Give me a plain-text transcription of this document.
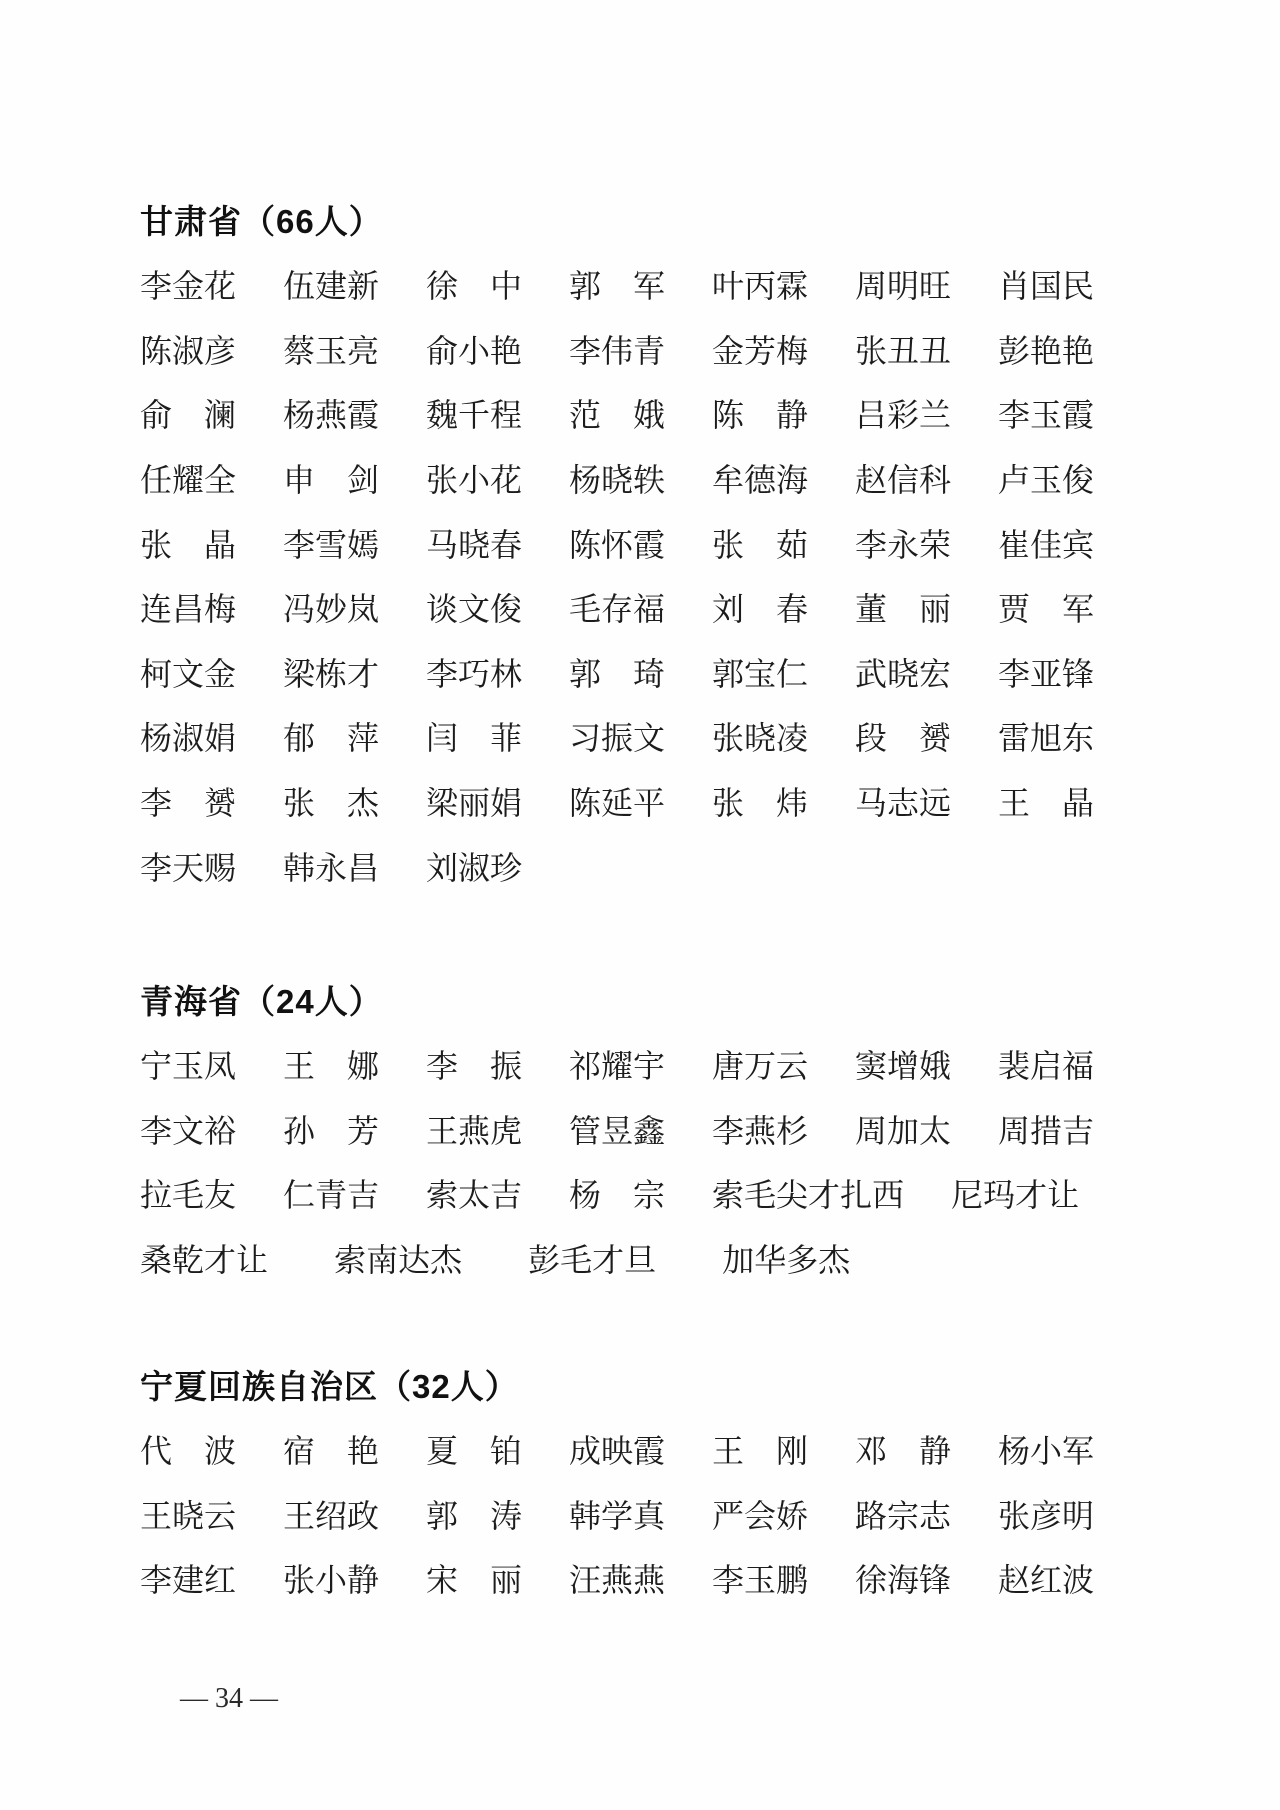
甘肃省（66人）
李 金 花 伍 建 新 徐 中 郭 军 叶 丙 霖 周 明 旺 肖 国 民
陈 淑 彦 蔡 玉 亮 俞 小 艳 李 伟 青 金 芳 梅 张 丑 丑 彭 艳 艳
俞 澜 杨 燕 霞 魏 千 程 范 娥 陈 静 吕 彩 兰 李 玉 霞
任 耀 全 申 剑 张 小 花 杨 晓 轶 牟 德 海 赵 信 科 卢 玉 俊
张 晶 李 雪 嫣 马 晓 春 陈 怀 霞 张 茹 李 永 荣 崔 佳 宾
连 昌 梅 冯 妙 岚 谈 文 俊 毛 存 福 刘 春 董 丽 贾 军
柯 文 金 梁 栋 才 李 巧 林 郭 琦 郭 宝 仁 武 晓 宏 李 亚 锋
杨 淑 娟 郁 萍 闫 菲 习 振 文 张 晓 凌 段 赟 雷 旭 东
李 赟 张 杰 梁 丽 娟 陈 延 平 张 炜 马 志 远 王 晶
李 天 赐 韩 永 昌 刘 淑 珍
青海省（24人）
宁 玉 凤 王 娜 李 振 祁 耀 宇 唐 万 云 窦 增 娥 裴 启 福
李 文 裕 孙 芳 王 燕 虎 管 昱 鑫 李 燕 杉 周 加 太 周 措 吉
拉 毛 友 仁 青 吉 索 太 吉 杨 宗 索 毛 尖 才 扎 西 尼 玛 才 让
桑 乾 才 让 索 南 达 杰 彭 毛 才 旦 加 华 多 杰
宁夏回族自治区（32人）
代 波 宿 艳 夏 铂 成 映 霞 王 刚 邓 静 杨 小 军
王 晓 云 王 绍 政 郭 涛 韩 学 真 严 会 娇 路 宗 志 张 彦 明
李 建 红 张 小 静 宋 丽 汪 燕 燕 李 玉 鹏 徐 海 锋 赵 红 波
— 34 —
